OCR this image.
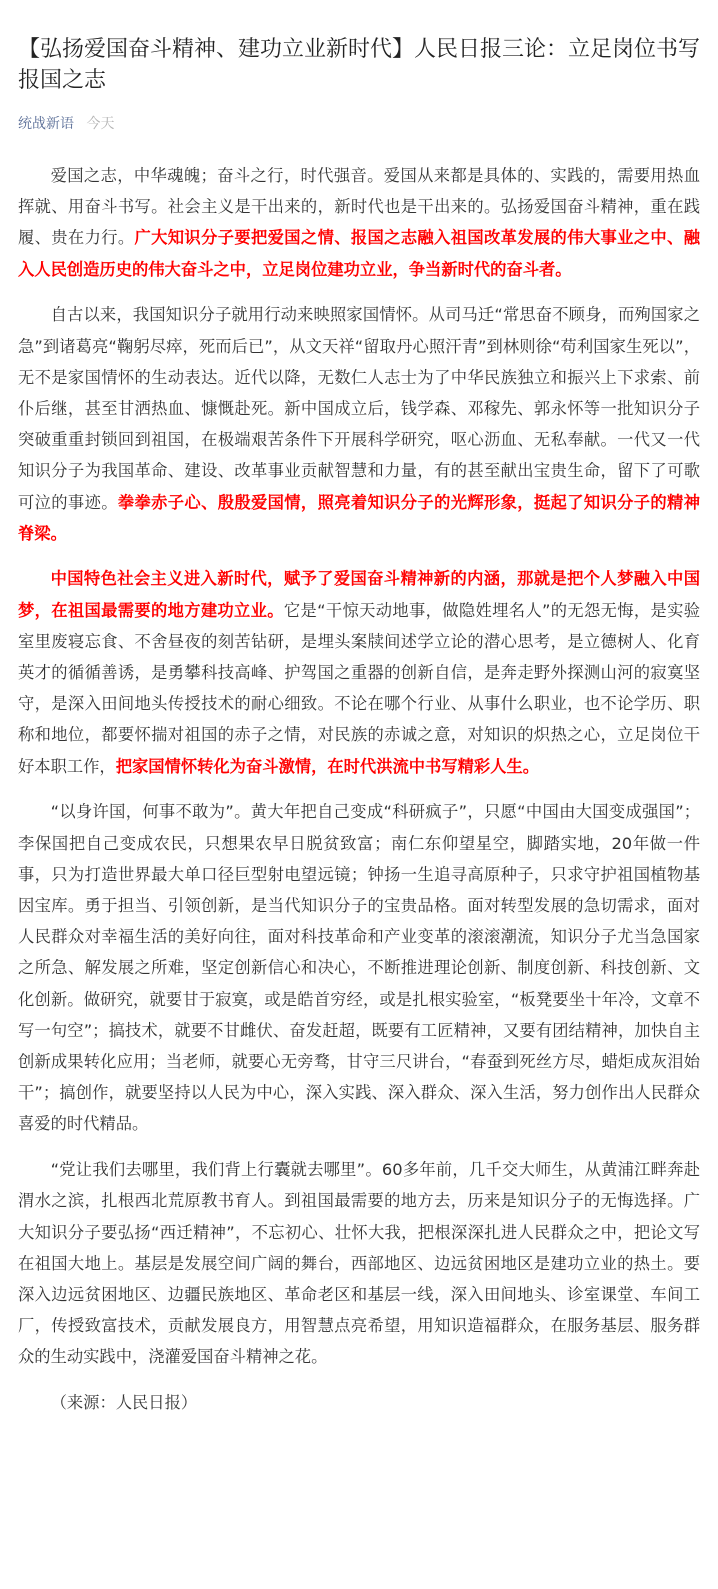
【弘扬爱国奋斗精神、建功立业新时代】人民日报三论：立足岗位书写报国之志
统战新语 今天

爱国之志，中华魂魄；奋斗之行，时代强音。爱国从来都是具体的、实践的，需要用热血挥就、用奋斗书写。社会主义是干出来的，新时代也是干出来的。弘扬爱国奋斗精神，重在践履、贵在力行。广大知识分子要把爱国之情、报国之志融入祖国改革发展的伟大事业之中、融入人民创造历史的伟大奋斗之中，立足岗位建功立业，争当新时代的奋斗者。

自古以来，我国知识分子就用行动来映照家国情怀。从司马迁“常思奋不顾身，而殉国家之急”到诸葛亮“鞠躬尽瘁，死而后已”，从文天祥“留取丹心照汗青”到林则徐“苟利国家生死以”，无不是家国情怀的生动表达。近代以降，无数仁人志士为了中华民族独立和振兴上下求索、前仆后继，甚至甘洒热血、慷慨赴死。新中国成立后，钱学森、邓稼先、郭永怀等一批知识分子突破重重封锁回到祖国，在极端艰苦条件下开展科学研究，呕心沥血、无私奉献。一代又一代知识分子为我国革命、建设、改革事业贡献智慧和力量，有的甚至献出宝贵生命，留下了可歌可泣的事迹。拳拳赤子心、殷殷爱国情，照亮着知识分子的光辉形象，挺起了知识分子的精神脊梁。

中国特色社会主义进入新时代，赋予了爱国奋斗精神新的内涵，那就是把个人梦融入中国梦，在祖国最需要的地方建功立业。它是“干惊天动地事，做隐姓埋名人”的无怨无悔，是实验室里废寝忘食、不舍昼夜的刻苦钻研，是埋头案牍间述学立论的潜心思考，是立德树人、化育英才的循循善诱，是勇攀科技高峰、护驾国之重器的创新自信，是奔走野外探测山河的寂寞坚守，是深入田间地头传授技术的耐心细致。不论在哪个行业、从事什么职业，也不论学历、职称和地位，都要怀揣对祖国的赤子之情，对民族的赤诚之意，对知识的炽热之心，立足岗位干好本职工作，把家国情怀转化为奋斗激情，在时代洪流中书写精彩人生。

“以身许国，何事不敢为”。黄大年把自己变成“科研疯子”，只愿“中国由大国变成强国”；李保国把自己变成农民，只想果农早日脱贫致富；南仁东仰望星空，脚踏实地，20年做一件事，只为打造世界最大单口径巨型射电望远镜；钟扬一生追寻高原种子，只求守护祖国植物基因宝库。勇于担当、引领创新，是当代知识分子的宝贵品格。面对转型发展的急切需求，面对人民群众对幸福生活的美好向往，面对科技革命和产业变革的滚滚潮流，知识分子尤当急国家之所急、解发展之所难，坚定创新信心和决心，不断推进理论创新、制度创新、科技创新、文化创新。做研究，就要甘于寂寞，或是皓首穷经，或是扎根实验室，“板凳要坐十年冷，文章不写一句空”；搞技术，就要不甘雌伏、奋发赶超，既要有工匠精神，又要有团结精神，加快自主创新成果转化应用；当老师，就要心无旁骛，甘守三尺讲台，“春蚕到死丝方尽，蜡炬成灰泪始干”；搞创作，就要坚持以人民为中心，深入实践、深入群众、深入生活，努力创作出人民群众喜爱的时代精品。

“党让我们去哪里，我们背上行囊就去哪里”。60多年前，几千交大师生，从黄浦江畔奔赴渭水之滨，扎根西北荒原教书育人。到祖国最需要的地方去，历来是知识分子的无悔选择。广大知识分子要弘扬“西迁精神”，不忘初心、壮怀大我，把根深深扎进人民群众之中，把论文写在祖国大地上。基层是发展空间广阔的舞台，西部地区、边远贫困地区是建功立业的热土。要深入边远贫困地区、边疆民族地区、革命老区和基层一线，深入田间地头、诊室课堂、车间工厂，传授致富技术，贡献发展良方，用智慧点亮希望，用知识造福群众，在服务基层、服务群众的生动实践中，浇灌爱国奋斗精神之花。

（来源：人民日报）
